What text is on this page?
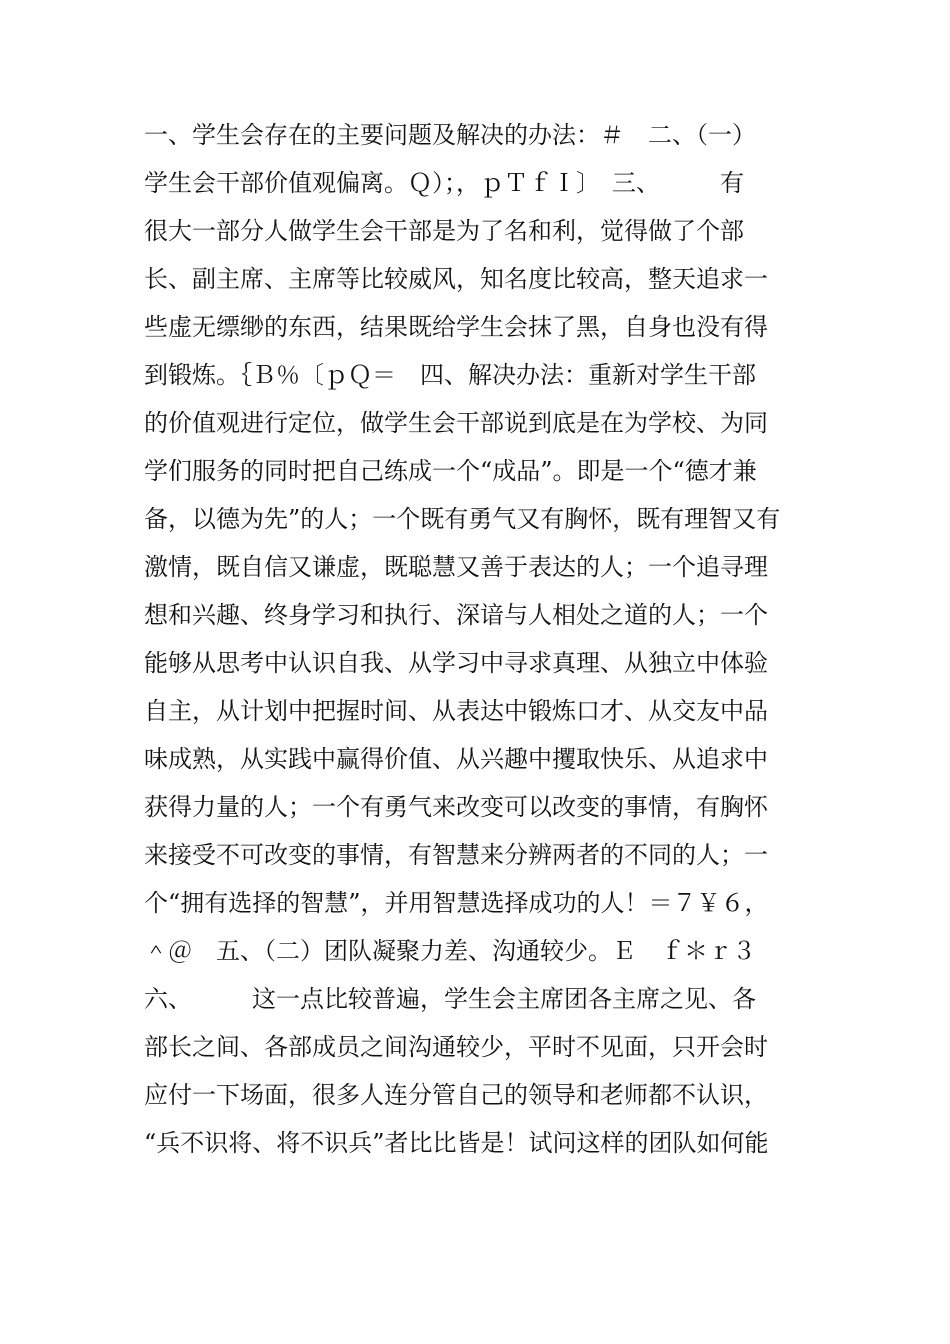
一、学生会存在的主要问题及解决的办法：＃　二、（一）
学生会干部价值观偏离。Ｑ）；，ｐＴｆＩ〕　三、　　　有
很大一部分人做学生会干部是为了名和利，觉得做了个部
长、副主席、主席等比较威风，知名度比较高，整天追求一
些虚无缥缈的东西，结果既给学生会抹了黑，自身也没有得
到锻炼。｛Ｂ％〔ｐＱ＝　四、解决办法：重新对学生干部
的价值观进行定位，做学生会干部说到底是在为学校、为同
学们服务的同时把自己练成一个“成品”。即是一个“德才兼
备，以德为先”的人；一个既有勇气又有胸怀，既有理智又有
激情，既自信又谦虚，既聪慧又善于表达的人；一个追寻理
想和兴趣、终身学习和执行、深谙与人相处之道的人；一个
能够从思考中认识自我、从学习中寻求真理、从独立中体验
自主，从计划中把握时间、从表达中锻炼口才、从交友中品
味成熟，从实践中赢得价值、从兴趣中攫取快乐、从追求中
获得力量的人；一个有勇气来改变可以改变的事情，有胸怀
来接受不可改变的事情，有智慧来分辨两者的不同的人；一
个“拥有选择的智慧”，并用智慧选择成功的人！＝７￥６，
＾＠　五、（二）团队凝聚力差、沟通较少。Ｅ　ｆ＊ｒ３
六、　　　这一点比较普遍，学生会主席团各主席之见、各
部长之间、各部成员之间沟通较少，平时不见面，只开会时
应付一下场面，很多人连分管自己的领导和老师都不认识，
“兵不识将、将不识兵”者比比皆是！试问这样的团队如何能
